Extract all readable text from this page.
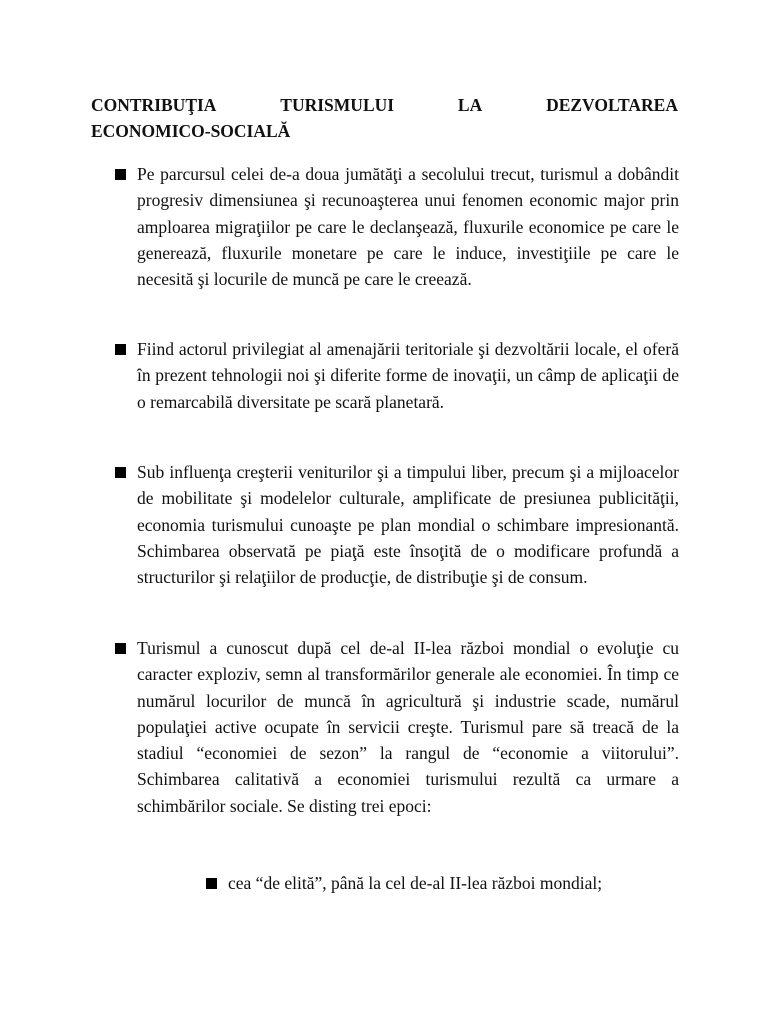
CONTRIBUŢIA	TURISMULUI	LA	DEZVOLTAREA
ECONOMICO-SOCIALĂ
Pe parcursul celei de-a doua jumătăţi a secolului trecut, turismul a dobândit progresiv dimensiunea şi recunoaşterea unui fenomen economic major prin amploarea migraţiilor pe care le declanşează, fluxurile economice pe care le generează, fluxurile monetare pe care le induce, investiţiile pe care le necesită şi locurile de muncă pe care le creează.
Fiind actorul privilegiat al amenajării teritoriale şi dezvoltării locale, el oferă în prezent tehnologii noi şi diferite forme de inovaţii, un câmp de aplicaţii de o remarcabilă diversitate pe scară planetară.
Sub influenţa creşterii veniturilor şi a timpului liber, precum şi a mijloacelor de mobilitate şi modelelor culturale, amplificate de presiunea publicităţii, economia turismului cunoaşte pe plan mondial o schimbare impresionantă. Schimbarea observată pe piaţă este însoţită de o modificare profundă a structurilor şi relaţiilor de producţie, de distribuţie şi de consum.
Turismul a cunoscut după cel de-al II-lea război mondial o evoluţie cu caracter exploziv, semn al transformărilor generale ale economiei. În timp ce numărul locurilor de muncă în agricultură şi industrie scade, numărul populaţiei active ocupate în servicii creşte. Turismul pare să treacă de la stadiul “economiei de sezon” la rangul de “economie a viitorului”. Schimbarea calitativă a economiei turismului rezultă ca urmare a schimbărilor sociale. Se disting trei epoci:
cea “de elită”, până la cel de-al II-lea război mondial;
